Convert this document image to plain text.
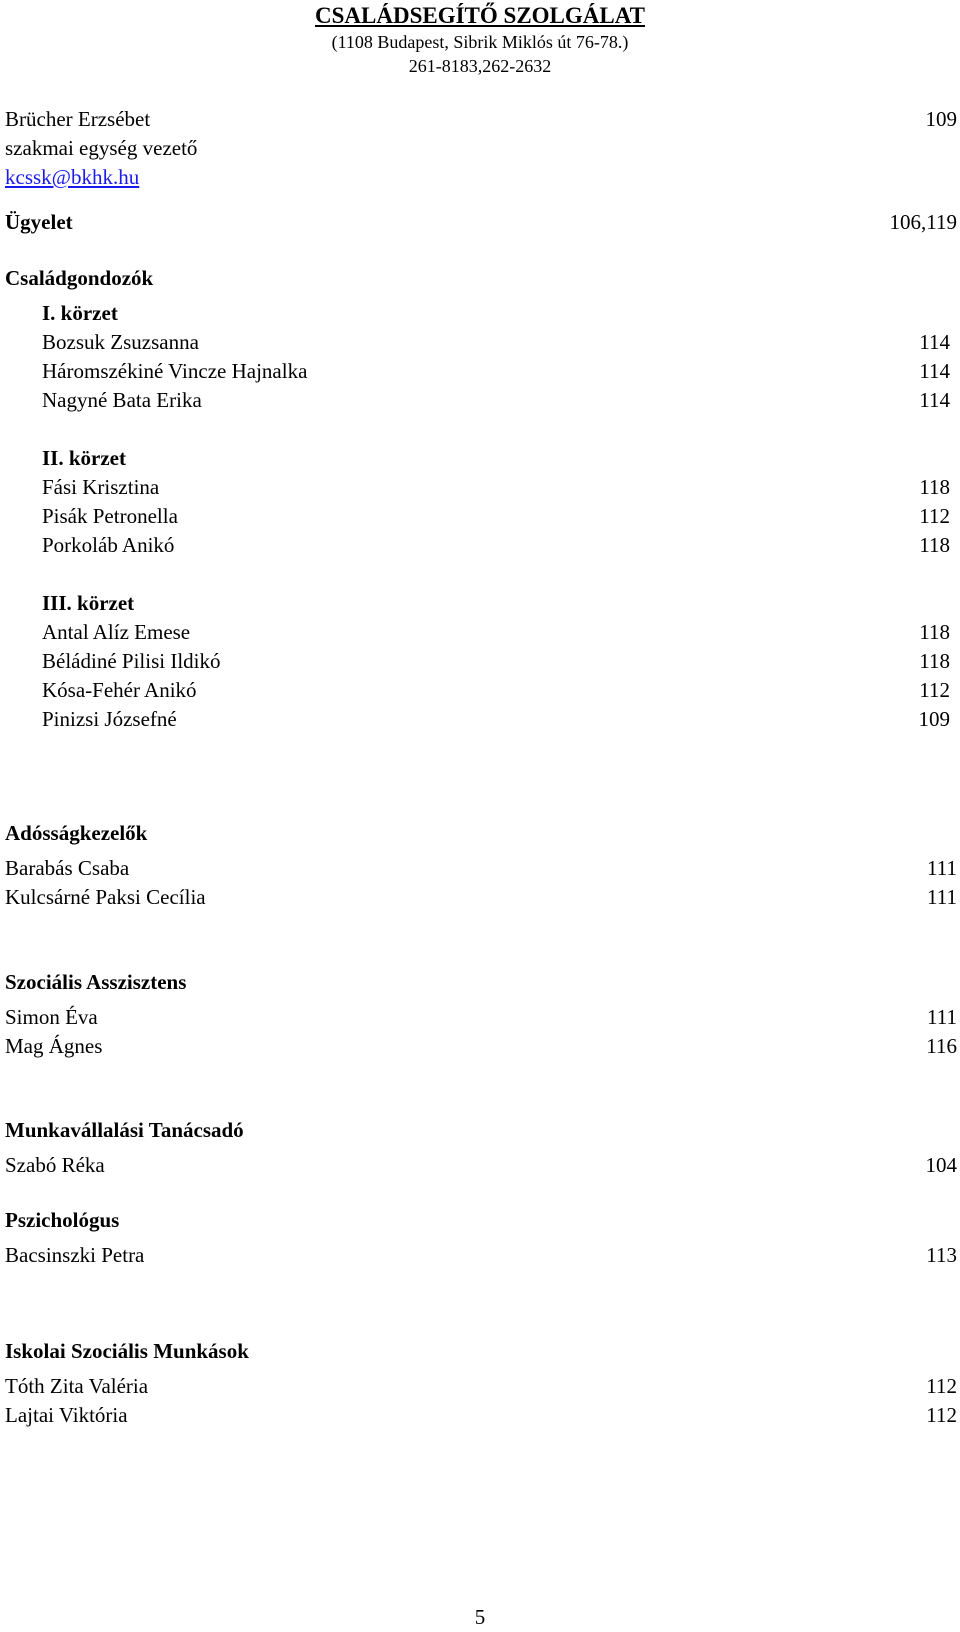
CSALÁDSEGÍTŐ SZOLGÁLAT
(1108 Budapest, Sibrik Miklós út 76-78.)
261-8183,262-2632
Brücher Erzsébet	109
szakmai egység vezető
kcssk@bkhk.hu
Ügyelet	106,119
Családgondozók
I. körzet
Bozsuk Zsuzsanna	114
Háromszékiné Vincze Hajnalka	114
Nagyné Bata Erika	114
II. körzet
Fási Krisztina	118
Pisák Petronella	112
Porkoláb Anikó	118
III. körzet
Antal Alíz Emese	118
Béládiné Pilisi Ildikó	118
Kósa-Fehér Anikó	112
Pinizsi Józsefné	109
Adósságkezelők
Barabás Csaba	111
Kulcsárné Paksi Cecília	111
Szociális Asszisztens
Simon Éva	111
Mag Ágnes	116
Munkavállalási Tanácsadó
Szabó Réka	104
Pszichológus
Bacsinszki Petra	113
Iskolai Szociális Munkások
Tóth Zita Valéria	112
Lajtai Viktória	112
5
